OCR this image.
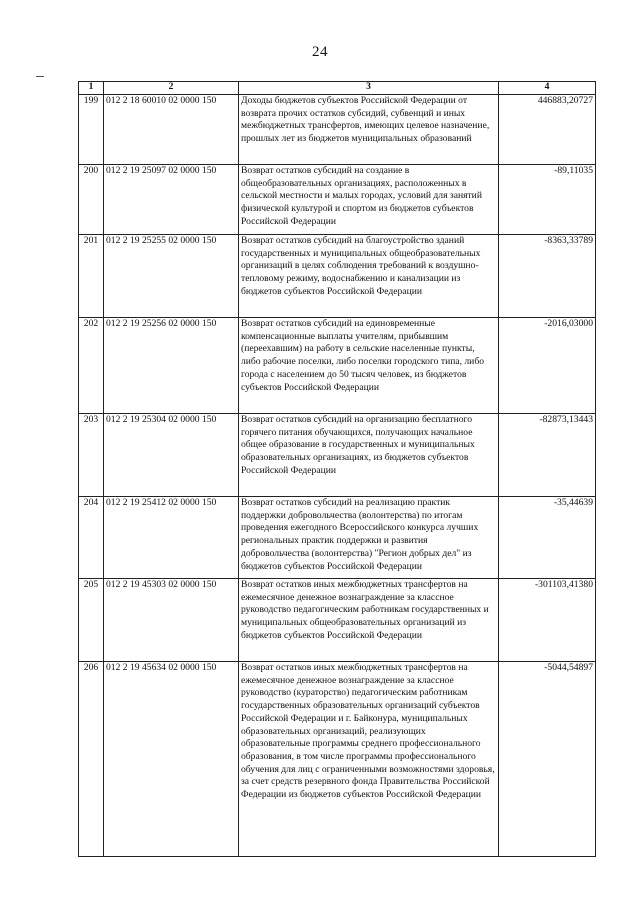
24
1	2	3	4
199	012 2 18 60010 02 0000 150	Доходы бюджетов субъектов Российской Федерации от возврата прочих остатков субсидий, субвенций и иных межбюджетных трансфертов, имеющих целевое назначение, прошлых лет из бюджетов муниципальных образований	446883,20727
200	012 2 19 25097 02 0000 150	Возврат остатков субсидий на создание в общеобразовательных организациях, расположенных в сельской местности и малых городах, условий для занятий физической культурой и спортом из бюджетов субъектов Российской Федерации	-89,11035
201	012 2 19 25255 02 0000 150	Возврат остатков субсидий на благоустройство зданий государственных и муниципальных общеобразовательных организаций в целях соблюдения требований к воздушно-тепловому режиму, водоснабжению и канализации из бюджетов субъектов Российской Федерации	-8363,33789
202	012 2 19 25256 02 0000 150	Возврат остатков субсидий на единовременные компенсационные выплаты учителям, прибывшим (переехавшим) на работу в сельские населенные пункты, либо рабочие поселки, либо поселки городского типа, либо города с населением до 50 тысяч человек, из бюджетов субъектов Российской Федерации	-2016,03000
203	012 2 19 25304 02 0000 150	Возврат остатков субсидий на организацию бесплатного горячего питания обучающихся, получающих начальное общее образование в государственных и муниципальных образовательных организациях, из бюджетов субъектов Российской Федерации	-82873,13443
204	012 2 19 25412 02 0000 150	Возврат остатков субсидий на реализацию практик поддержки добровольчества (волонтерства) по итогам проведения ежегодного Всероссийского конкурса лучших региональных практик поддержки и развития добровольчества (волонтерства) "Регион добрых дел" из бюджетов субъектов Российской Федерации	-35,44639
205	012 2 19 45303 02 0000 150	Возврат остатков иных межбюджетных трансфертов на ежемесячное денежное вознаграждение за классное руководство педагогическим работникам государственных и муниципальных общеобразовательных организаций из бюджетов субъектов Российской Федерации	-301103,41380
206	012 2 19 45634 02 0000 150	Возврат остатков иных межбюджетных трансфертов на ежемесячное денежное вознаграждение за классное руководство (кураторство) педагогическим работникам государственных образовательных организаций субъектов Российской Федерации и г. Байконура, муниципальных образовательных организаций, реализующих образовательные программы среднего профессионального образования, в том числе программы профессионального обучения для лиц с ограниченными возможностями здоровья, за счет средств резервного фонда Правительства Российской Федерации из бюджетов субъектов Российской Федерации	-5044,54897
